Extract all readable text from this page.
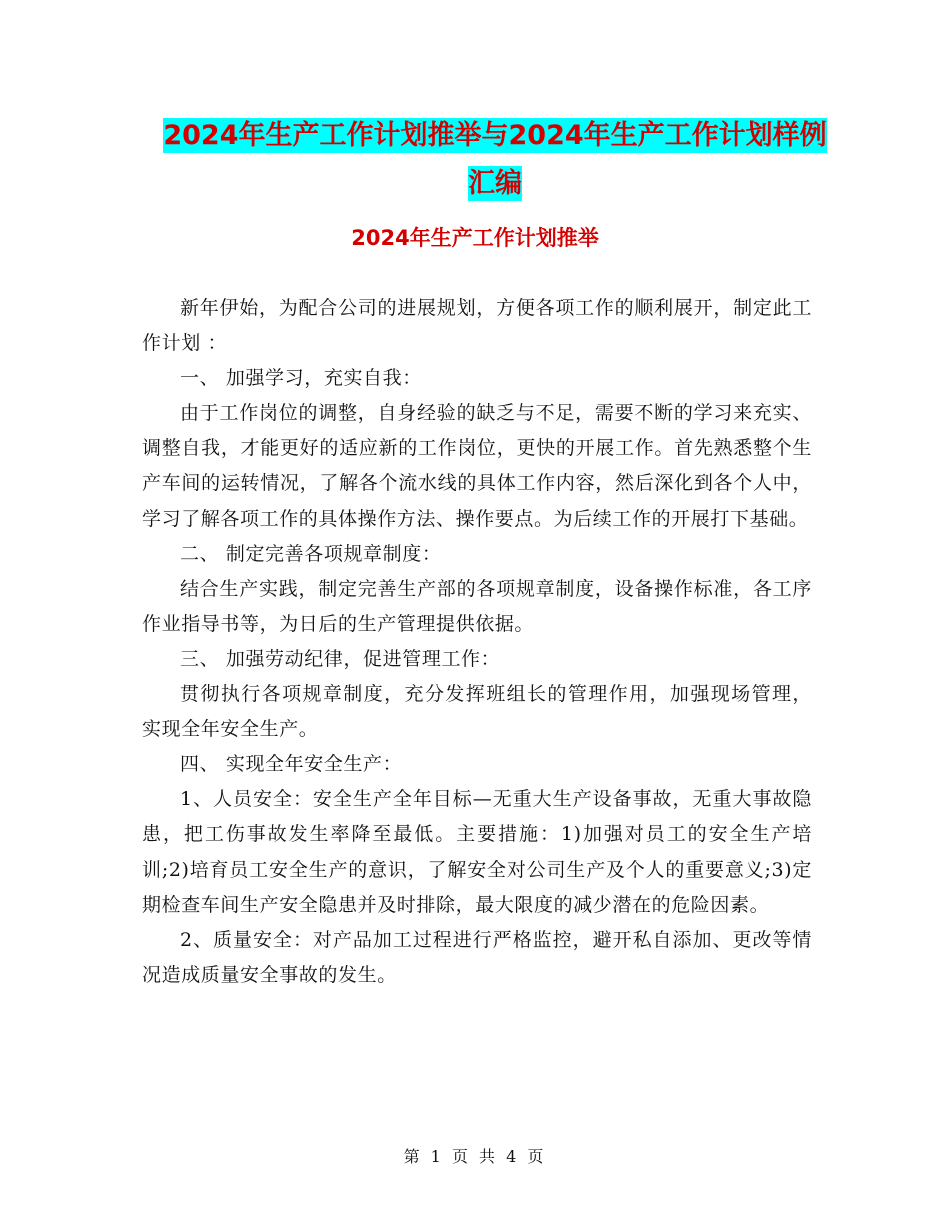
2024年生产工作计划推举与2024年生产工作计划样例
汇编
2024年生产工作计划推举

新年伊始，为配合公司的进展规划，方便各项工作的顺利展开，制定此工作计划 ：

一、 加强学习，充实自我：

由于工作岗位的调整，自身经验的缺乏与不足，需要不断的学习来充实、调整自我，才能更好的适应新的工作岗位，更快的开展工作。首先熟悉整个生产车间的运转情况，了解各个流水线的具体工作内容，然后深化到各个人中，学习了解各项工作的具体操作方法、操作要点。为后续工作的开展打下基础。

二、 制定完善各项规章制度：

结合生产实践，制定完善生产部的各项规章制度，设备操作标准，各工序作业指导书等，为日后的生产管理提供依据。

三、 加强劳动纪律，促进管理工作：

贯彻执行各项规章制度，充分发挥班组长的管理作用，加强现场管理， 实现全年安全生产。

四、 实现全年安全生产：

1、人员安全：安全生产全年目标—无重大生产设备事故，无重大事故隐患，把工伤事故发生率降至最低。主要措施：1)加强对员工的安全生产培训;2)培育员工安全生产的意识，了解安全对公司生产及个人的重要意义;3)定期检查车间生产安全隐患并及时排除，最大限度的减少潜在的危险因素。

2、质量安全：对产品加工过程进行严格监控，避开私自添加、更改等情况造成质量安全事故的发生。

第 1 页 共 4 页
